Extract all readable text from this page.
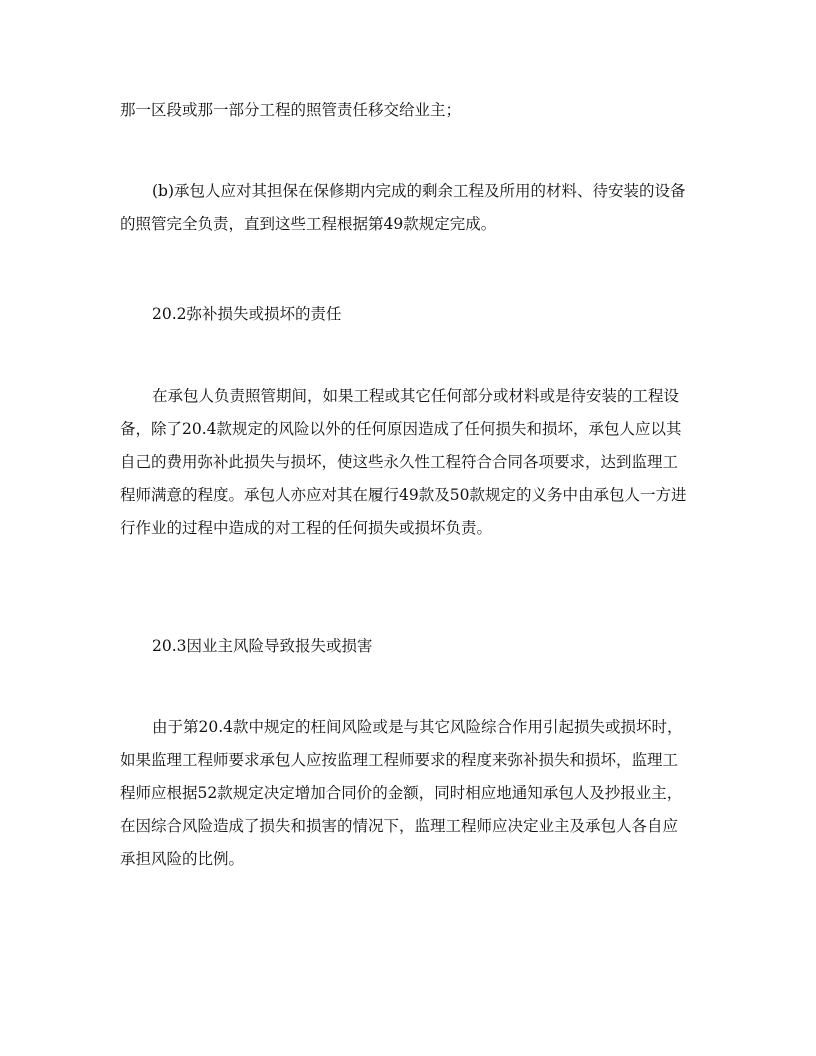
那一区段或那一部分工程的照管责任移交给业主；

(b)承包人应对其担保在保修期内完成的剩余工程及所用的材料、待安装的设备
的照管完全负责，直到这些工程根据第49款规定完成。

20.2弥补损失或损坏的责任

在承包人负责照管期间，如果工程或其它任何部分或材料或是待安装的工程设
备，除了20.4款规定的风险以外的任何原因造成了任何损失和损坏，承包人应以其
自己的费用弥补此损失与损坏，使这些永久性工程符合合同各项要求，达到监理工
程师满意的程度。承包人亦应对其在履行49款及50款规定的义务中由承包人一方进
行作业的过程中造成的对工程的任何损失或损坏负责。

20.3因业主风险导致报失或损害

由于第20.4款中规定的枉间风险或是与其它风险综合作用引起损失或损坏时，
如果监理工程师要求承包人应按监理工程师要求的程度来弥补损失和损坏，监理工
程师应根据52款规定决定增加合同价的金额，同时相应地通知承包人及抄报业主，
在因综合风险造成了损失和损害的情况下，监理工程师应决定业主及承包人各自应
承担风险的比例。
